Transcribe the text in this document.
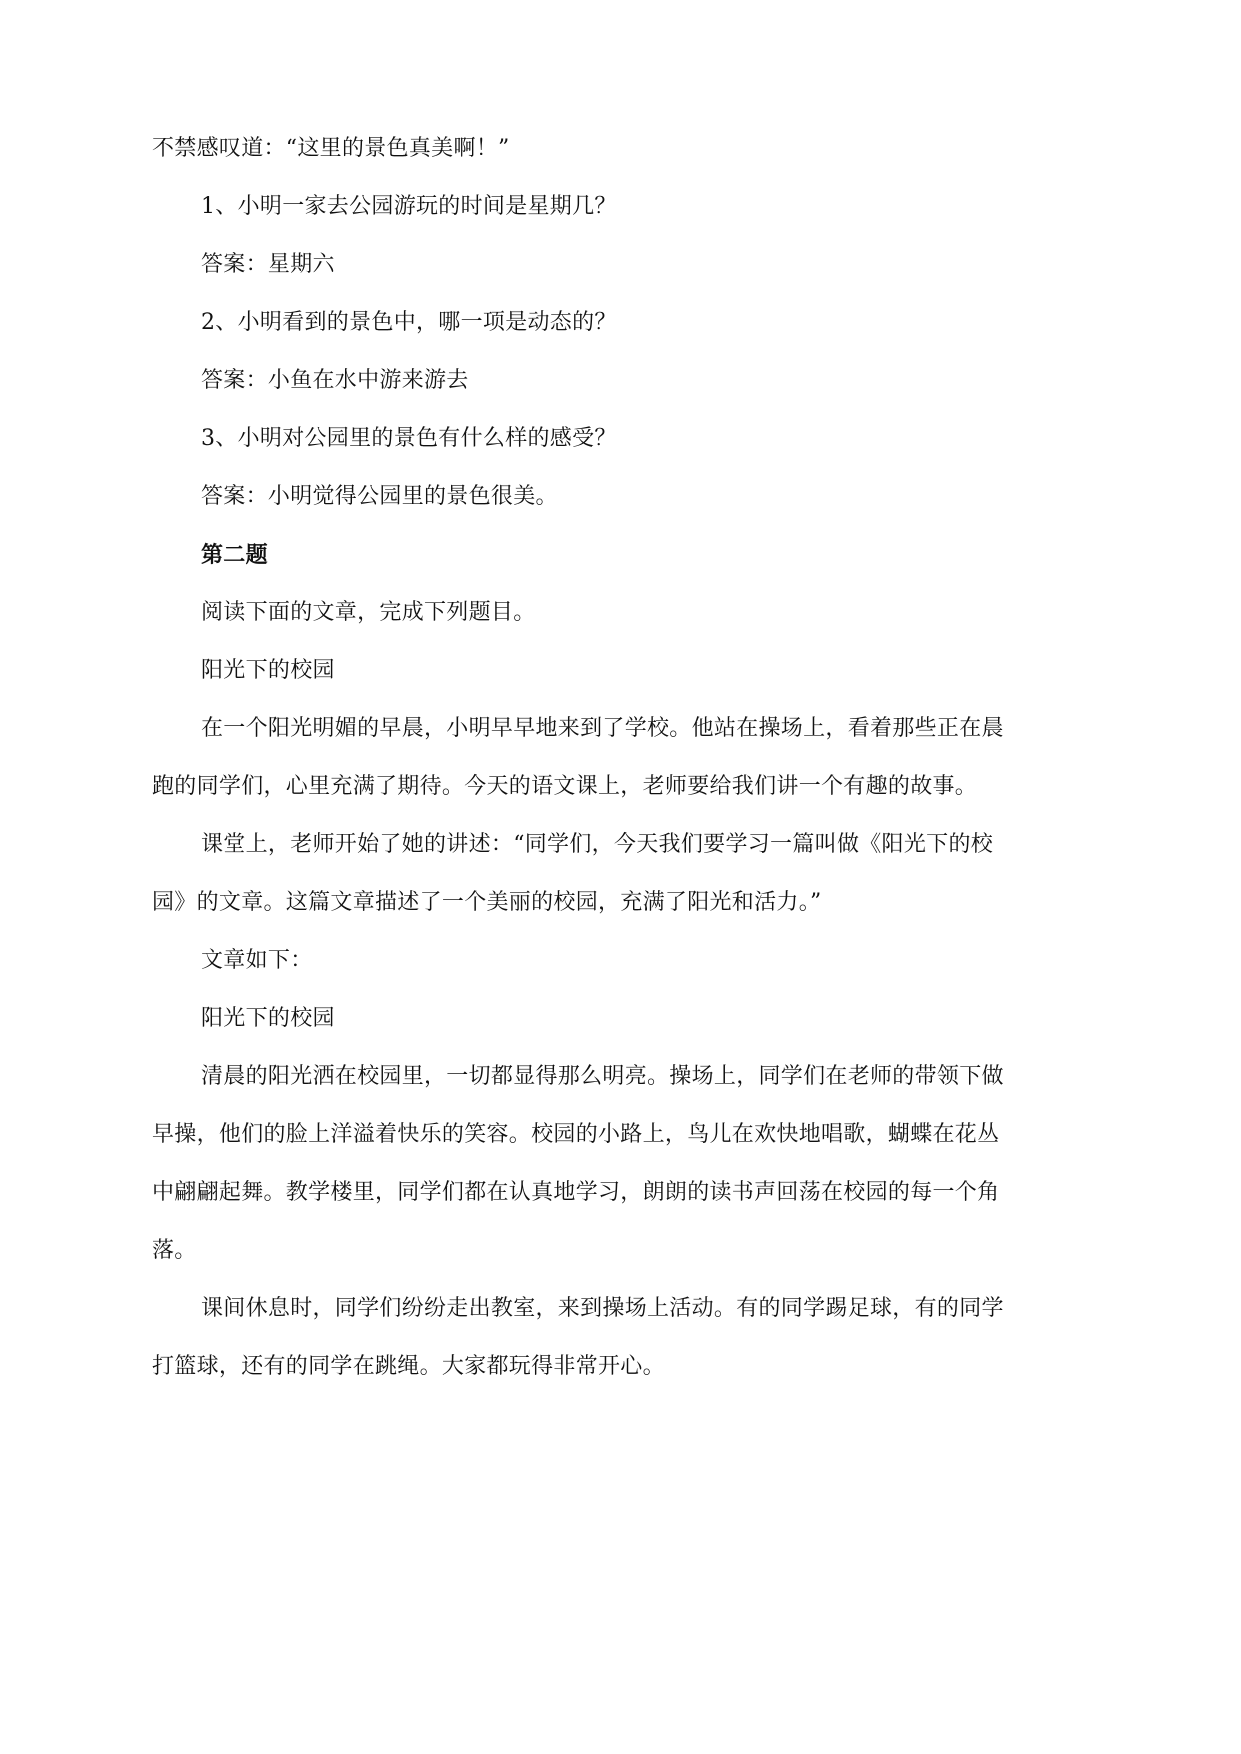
不禁感叹道：“这里的景色真美啊！”
1、小明一家去公园游玩的时间是星期几？
答案：星期六
2、小明看到的景色中，哪一项是动态的？
答案：小鱼在水中游来游去
3、小明对公园里的景色有什么样的感受？
答案：小明觉得公园里的景色很美。
第二题
阅读下面的文章，完成下列题目。
阳光下的校园
在一个阳光明媚的早晨，小明早早地来到了学校。他站在操场上，看着那些正在晨
跑的同学们，心里充满了期待。今天的语文课上，老师要给我们讲一个有趣的故事。
课堂上，老师开始了她的讲述：“同学们，今天我们要学习一篇叫做《阳光下的校
园》的文章。这篇文章描述了一个美丽的校园，充满了阳光和活力。”
文章如下：
阳光下的校园
清晨的阳光洒在校园里，一切都显得那么明亮。操场上，同学们在老师的带领下做
早操，他们的脸上洋溢着快乐的笑容。校园的小路上，鸟儿在欢快地唱歌，蝴蝶在花丛
中翩翩起舞。教学楼里，同学们都在认真地学习，朗朗的读书声回荡在校园的每一个角
落。
课间休息时，同学们纷纷走出教室，来到操场上活动。有的同学踢足球，有的同学
打篮球，还有的同学在跳绳。大家都玩得非常开心。
